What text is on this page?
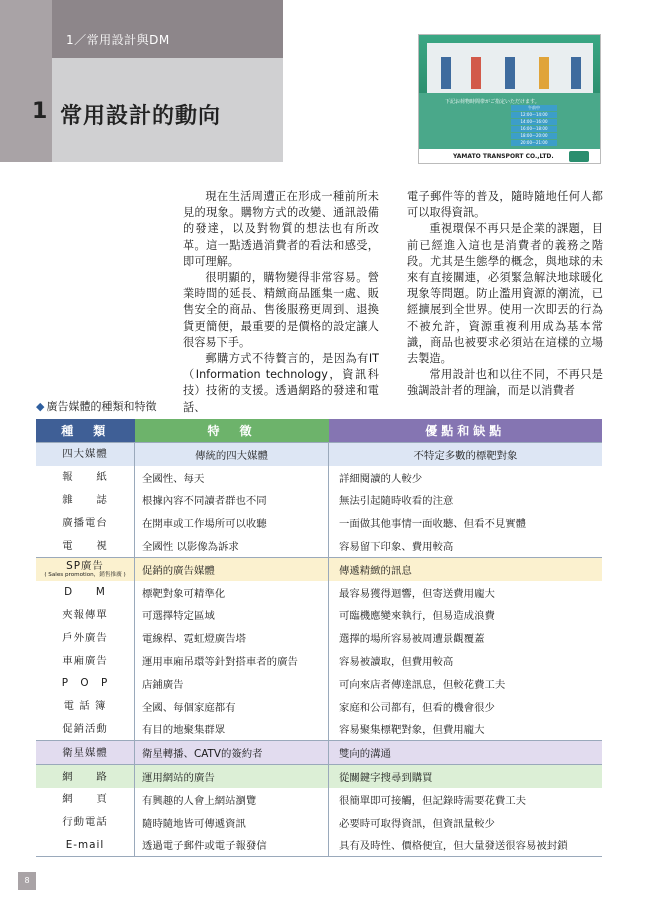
1／常用設計與DM
1 常用設計的動向
下記お荷物時間帯がご指定いただけます。
午前中
12:00～14:00
14:00～16:00
16:00～18:00
18:00～20:00
20:00～21:00
YAMATO TRANSPORT CO.,LTD.

現在生活周遭正在形成一種前所未見的現象。購物方式的改變、通訊設備的發達，以及對物質的想法也有所改革。這一點透過消費者的看法和感受，即可理解。

很明顯的，購物變得非常容易。營業時間的延長、精緻商品匯集一處、販售安全的商品、售後服務更周到、退換貨更簡便，最重要的是價格的設定讓人很容易下手。

郵購方式不待贅言的，是因為有IT（Information technology，資訊科技）技術的支援。透過網路的發達和電話、

電子郵件等的普及，隨時隨地任何人都可以取得資訊。

重視環保不再只是企業的課題，目前已經進入這也是消費者的義務之階段。尤其是生態學的概念，與地球的未來有直接關連，必須緊急解決地球暖化現象等問題。防止濫用資源的潮流，已經擴展到全世界。使用一次即丟的行為不被允許，資源重複利用成為基本常識，商品也被要求必須站在這樣的立場去製造。

常用設計也和以往不同，不再只是強調設計者的理論，而是以消費者

◆ 廣告媒體的種類和特徵
種　類	特　徵	優點和缺點

四大媒體	傳統的四大媒體	不特定多數的標靶對象

報　　紙	全國性、每天	詳細閱讀的人較少

雜　　誌	根據內容不同讀者群也不同	無法引起隨時收看的注意

廣播電台	在開車或工作場所可以收聽	一面做其他事情一面收聽、但看不見實體

電　　視	全國性 以影像為訴求	容易留下印象、費用較高

SP廣告
( Sales promotion，銷售推廣 )	促銷的廣告媒體	傳遞精緻的訊息

D　　M	標靶對象可精準化	最容易獲得迴響，但寄送費用龐大

夾報傳單	可選擇特定區域	可臨機應變來執行，但易造成浪費

戶外廣告	電線桿、霓虹燈廣告塔	選擇的場所容易被周遭景觀覆蓋

車廂廣告	運用車廂吊環等針對搭車者的廣告	容易被讀取，但費用較高

P　O　P	店鋪廣告	可向來店者傳達訊息，但較花費工夫

電 話 簿	全國、每個家庭都有	家庭和公司都有，但看的機會很少

促銷活動	有目的地聚集群眾	容易聚集標靶對象，但費用龐大

衛星媒體	衛星轉播、CATV的簽約者	雙向的溝通

網　　路	運用網站的廣告	從關鍵字搜尋到購買

網　　頁	有興趣的人會上網站瀏覽	很簡單即可接觸，但記錄時需要花費工夫

行動電話	隨時隨地皆可傳遞資訊	必要時可取得資訊，但資訊量較少

E-mail	透過電子郵件或電子報發信	具有及時性、價格便宜，但大量發送很容易被封鎖
8
